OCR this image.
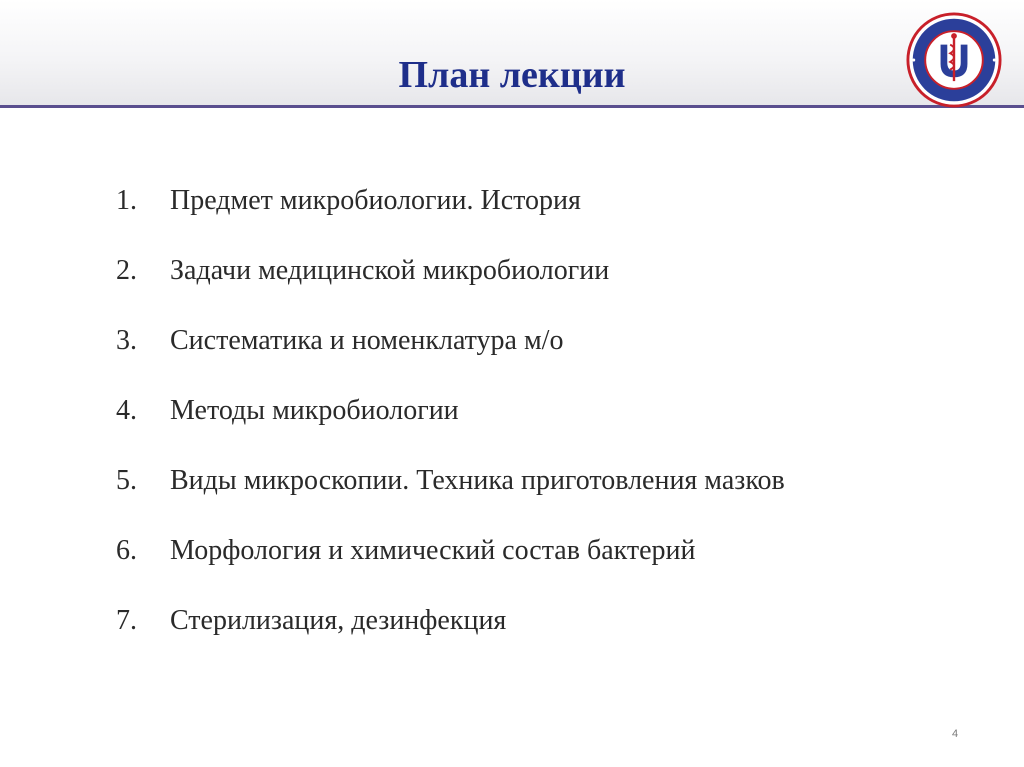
План лекции
1.	Предмет микробиологии. История
2.	Задачи медицинской микробиологии
3.	Систематика и номенклатура м/о
4.	Методы микробиологии
5.	Виды микроскопии. Техника приготовления мазков
6.	Морфология и химический состав бактерий
7.	Стерилизация, дезинфекция
4
